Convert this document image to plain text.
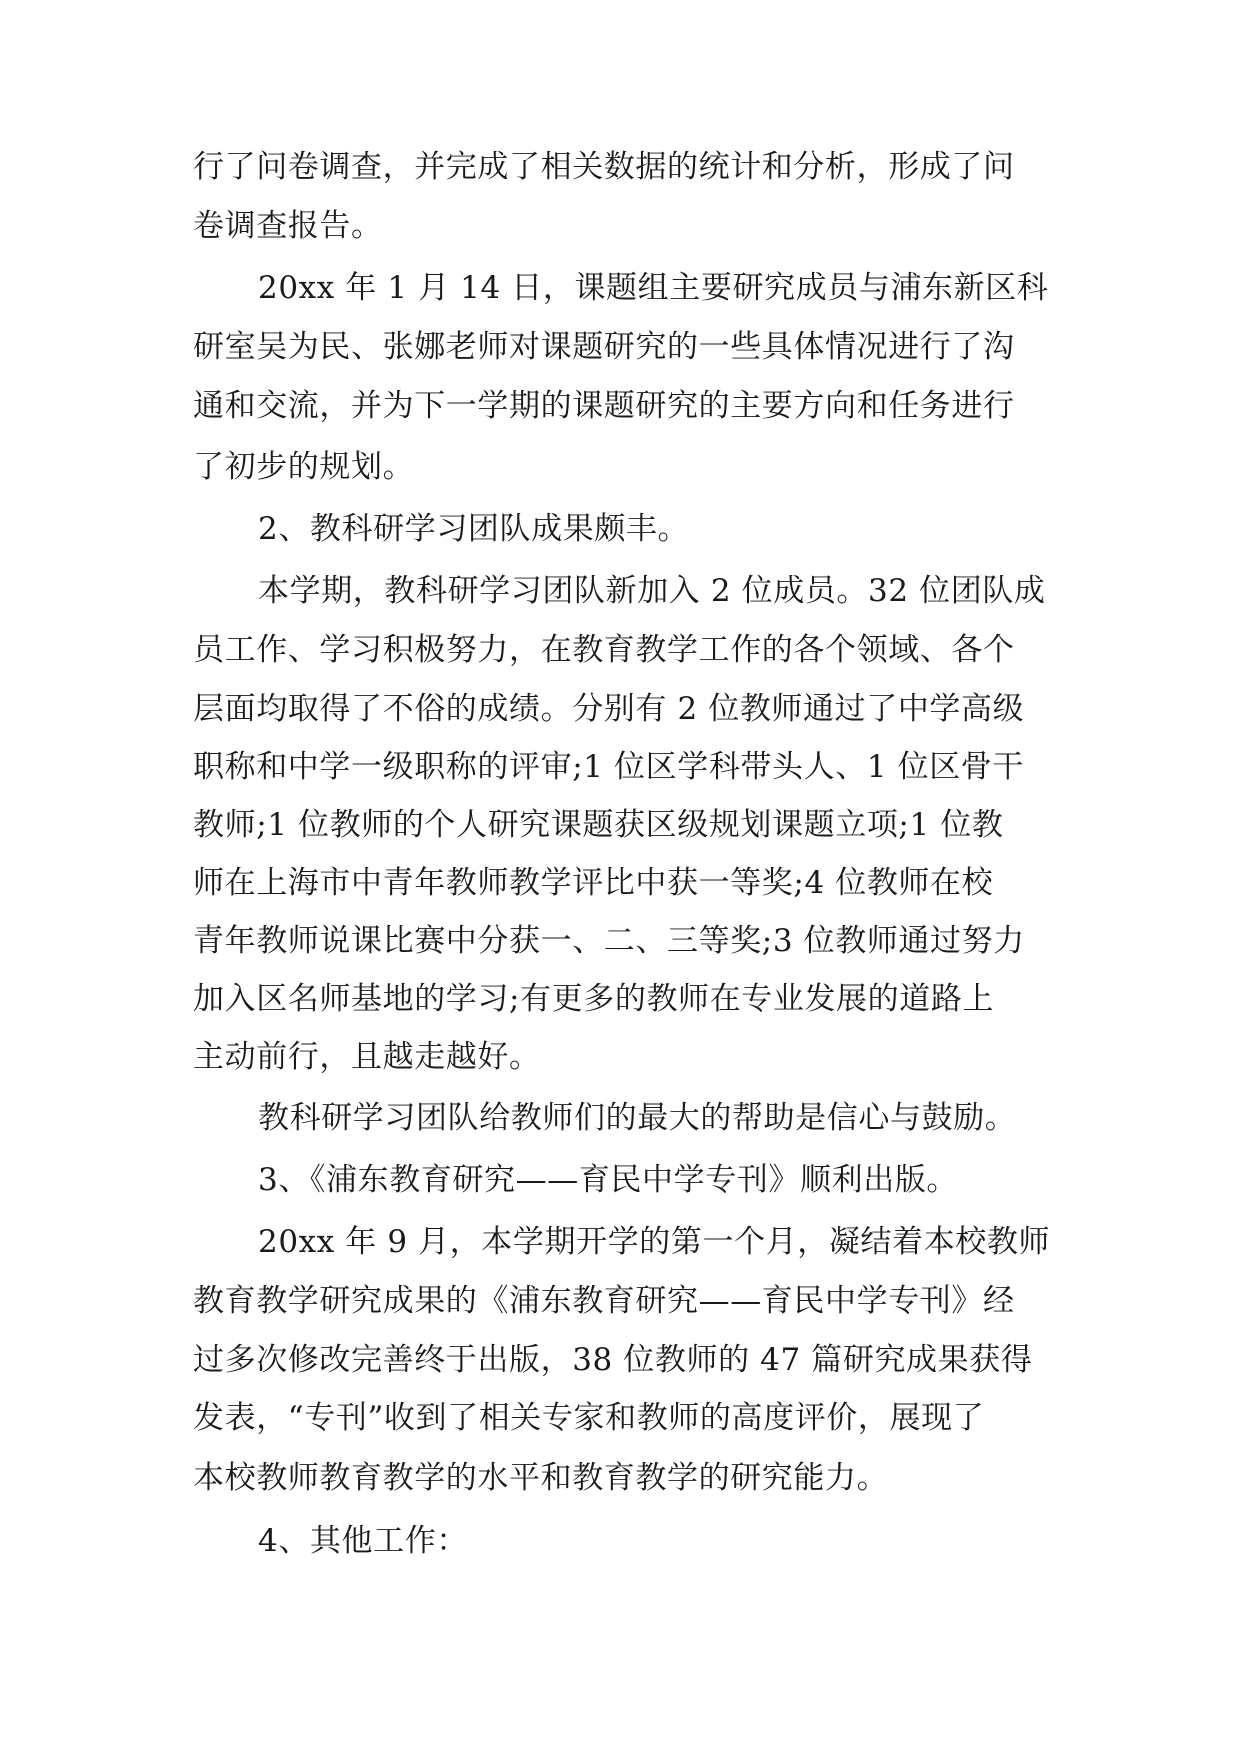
行了问卷调查，并完成了相关数据的统计和分析，形成了问
卷调查报告。
20xx 年 1 月 14 日，课题组主要研究成员与浦东新区科
研室吴为民、张娜老师对课题研究的一些具体情况进行了沟
通和交流，并为下一学期的课题研究的主要方向和任务进行
了初步的规划。
2、教科研学习团队成果颇丰。
本学期，教科研学习团队新加入 2 位成员。32 位团队成
员工作、学习积极努力，在教育教学工作的各个领域、各个
层面均取得了不俗的成绩。分别有 2 位教师通过了中学高级
职称和中学一级职称的评审;1 位区学科带头人、1 位区骨干
教师;1 位教师的个人研究课题获区级规划课题立项;1 位教
师在上海市中青年教师教学评比中获一等奖;4 位教师在校
青年教师说课比赛中分获一、二、三等奖;3 位教师通过努力
加入区名师基地的学习;有更多的教师在专业发展的道路上
主动前行，且越走越好。
教科研学习团队给教师们的最大的帮助是信心与鼓励。
3、《浦东教育研究——育民中学专刊》顺利出版。
20xx 年 9 月，本学期开学的第一个月，凝结着本校教师
教育教学研究成果的《浦东教育研究——育民中学专刊》经
过多次修改完善终于出版，38 位教师的 47 篇研究成果获得
发表，“专刊”收到了相关专家和教师的高度评价，展现了
本校教师教育教学的水平和教育教学的研究能力。
4、其他工作：
